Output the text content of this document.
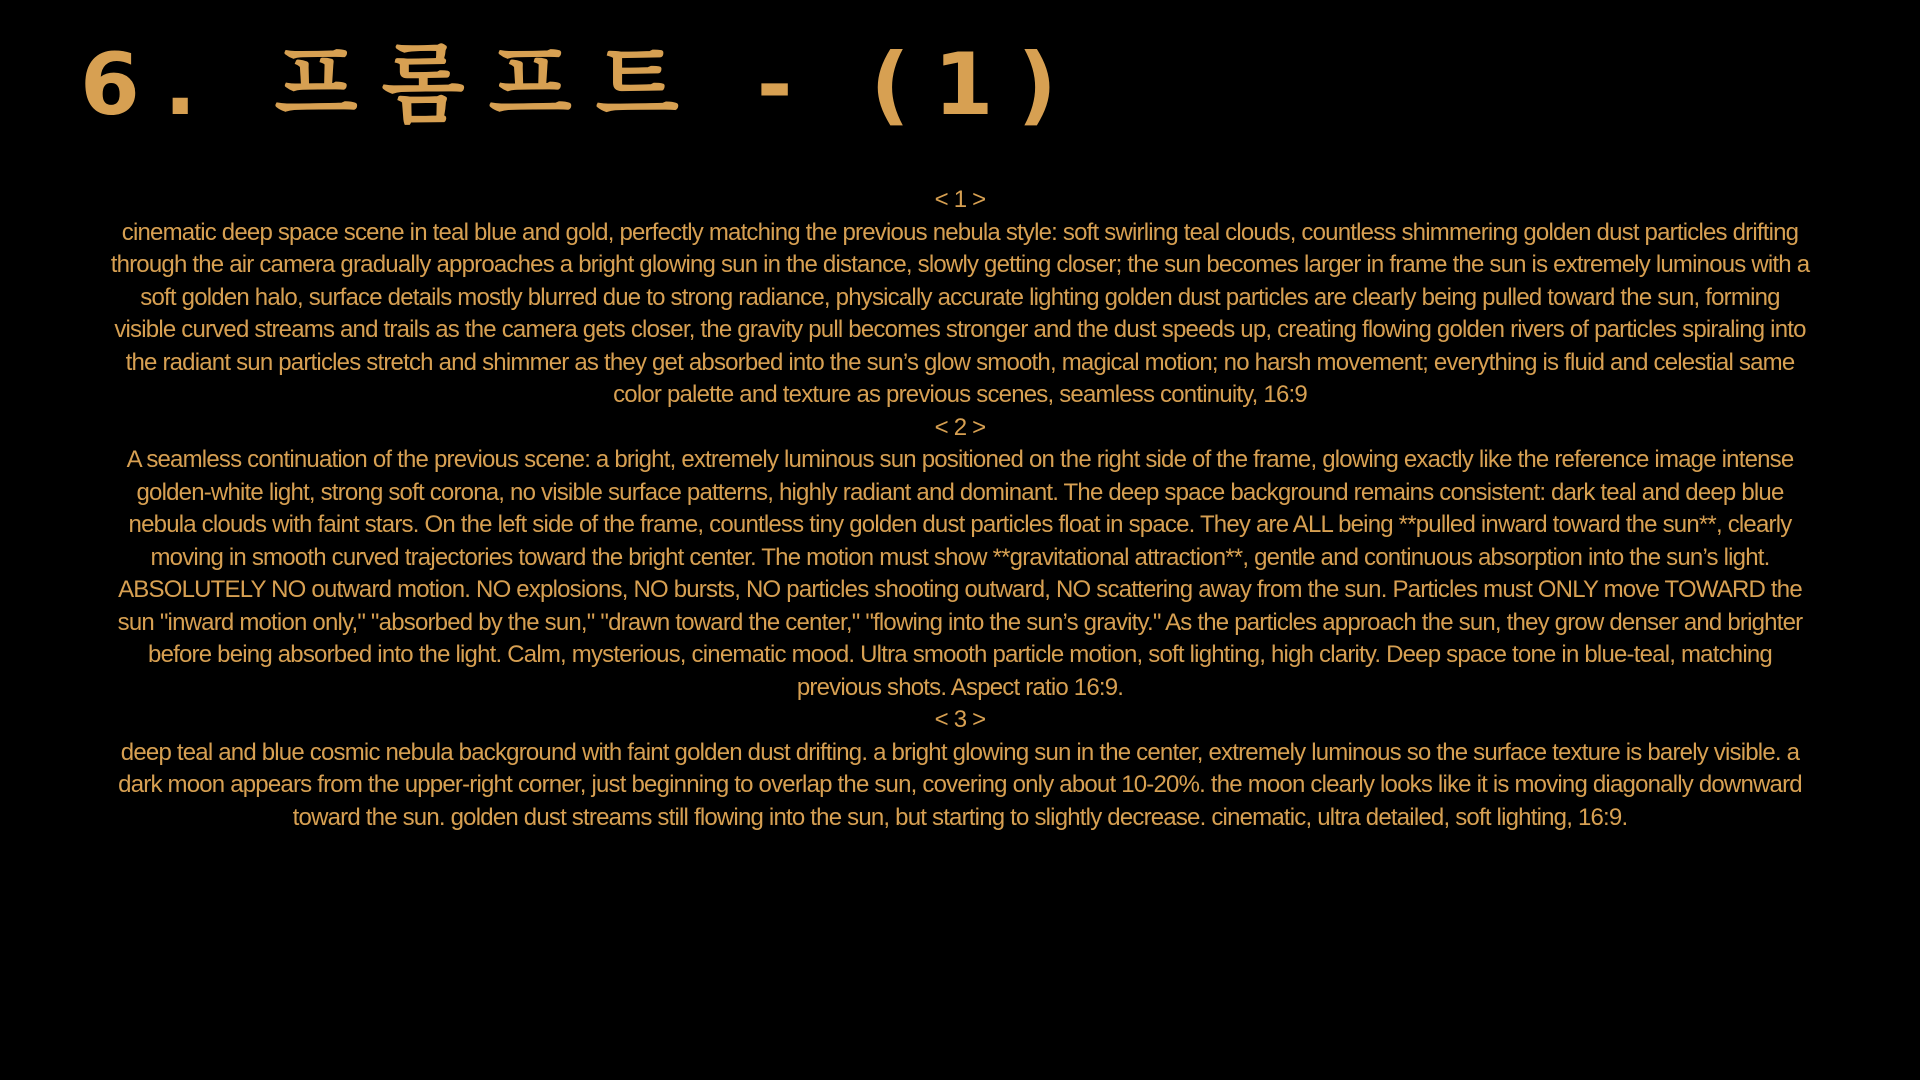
6. 프롬프트 - (1)
< 1 >
cinematic deep space scene in teal blue and gold, perfectly matching the previous nebula style: soft swirling teal clouds, countless shimmering golden dust particles drifting through the air camera gradually approaches a bright glowing sun in the distance, slowly getting closer; the sun becomes larger in frame the sun is extremely luminous with a soft golden halo, surface details mostly blurred due to strong radiance, physically accurate lighting golden dust particles are clearly being pulled toward the sun, forming visible curved streams and trails as the camera gets closer, the gravity pull becomes stronger and the dust speeds up, creating flowing golden rivers of particles spiraling into the radiant sun particles stretch and shimmer as they get absorbed into the sun’s glow smooth, magical motion; no harsh movement; everything is fluid and celestial same color palette and texture as previous scenes, seamless continuity, 16:9
< 2 >
A seamless continuation of the previous scene: a bright, extremely luminous sun positioned on the right side of the frame, glowing exactly like the reference image intense golden-white light, strong soft corona, no visible surface patterns, highly radiant and dominant. The deep space background remains consistent: dark teal and deep blue nebula clouds with faint stars. On the left side of the frame, countless tiny golden dust particles float in space. They are ALL being **pulled inward toward the sun**, clearly moving in smooth curved trajectories toward the bright center. The motion must show **gravitational attraction**, gentle and continuous absorption into the sun’s light. ABSOLUTELY NO outward motion. NO explosions, NO bursts, NO particles shooting outward, NO scattering away from the sun. Particles must ONLY move TOWARD the sun "inward motion only," "absorbed by the sun," "drawn toward the center," "flowing into the sun’s gravity." As the particles approach the sun, they grow denser and brighter before being absorbed into the light. Calm, mysterious, cinematic mood. Ultra smooth particle motion, soft lighting, high clarity. Deep space tone in blue-teal, matching previous shots. Aspect ratio 16:9.
< 3 >
deep teal and blue cosmic nebula background with faint golden dust drifting. a bright glowing sun in the center, extremely luminous so the surface texture is barely visible. a dark moon appears from the upper-right corner, just beginning to overlap the sun, covering only about 10-20%. the moon clearly looks like it is moving diagonally downward toward the sun. golden dust streams still flowing into the sun, but starting to slightly decrease. cinematic, ultra detailed, soft lighting, 16:9.
